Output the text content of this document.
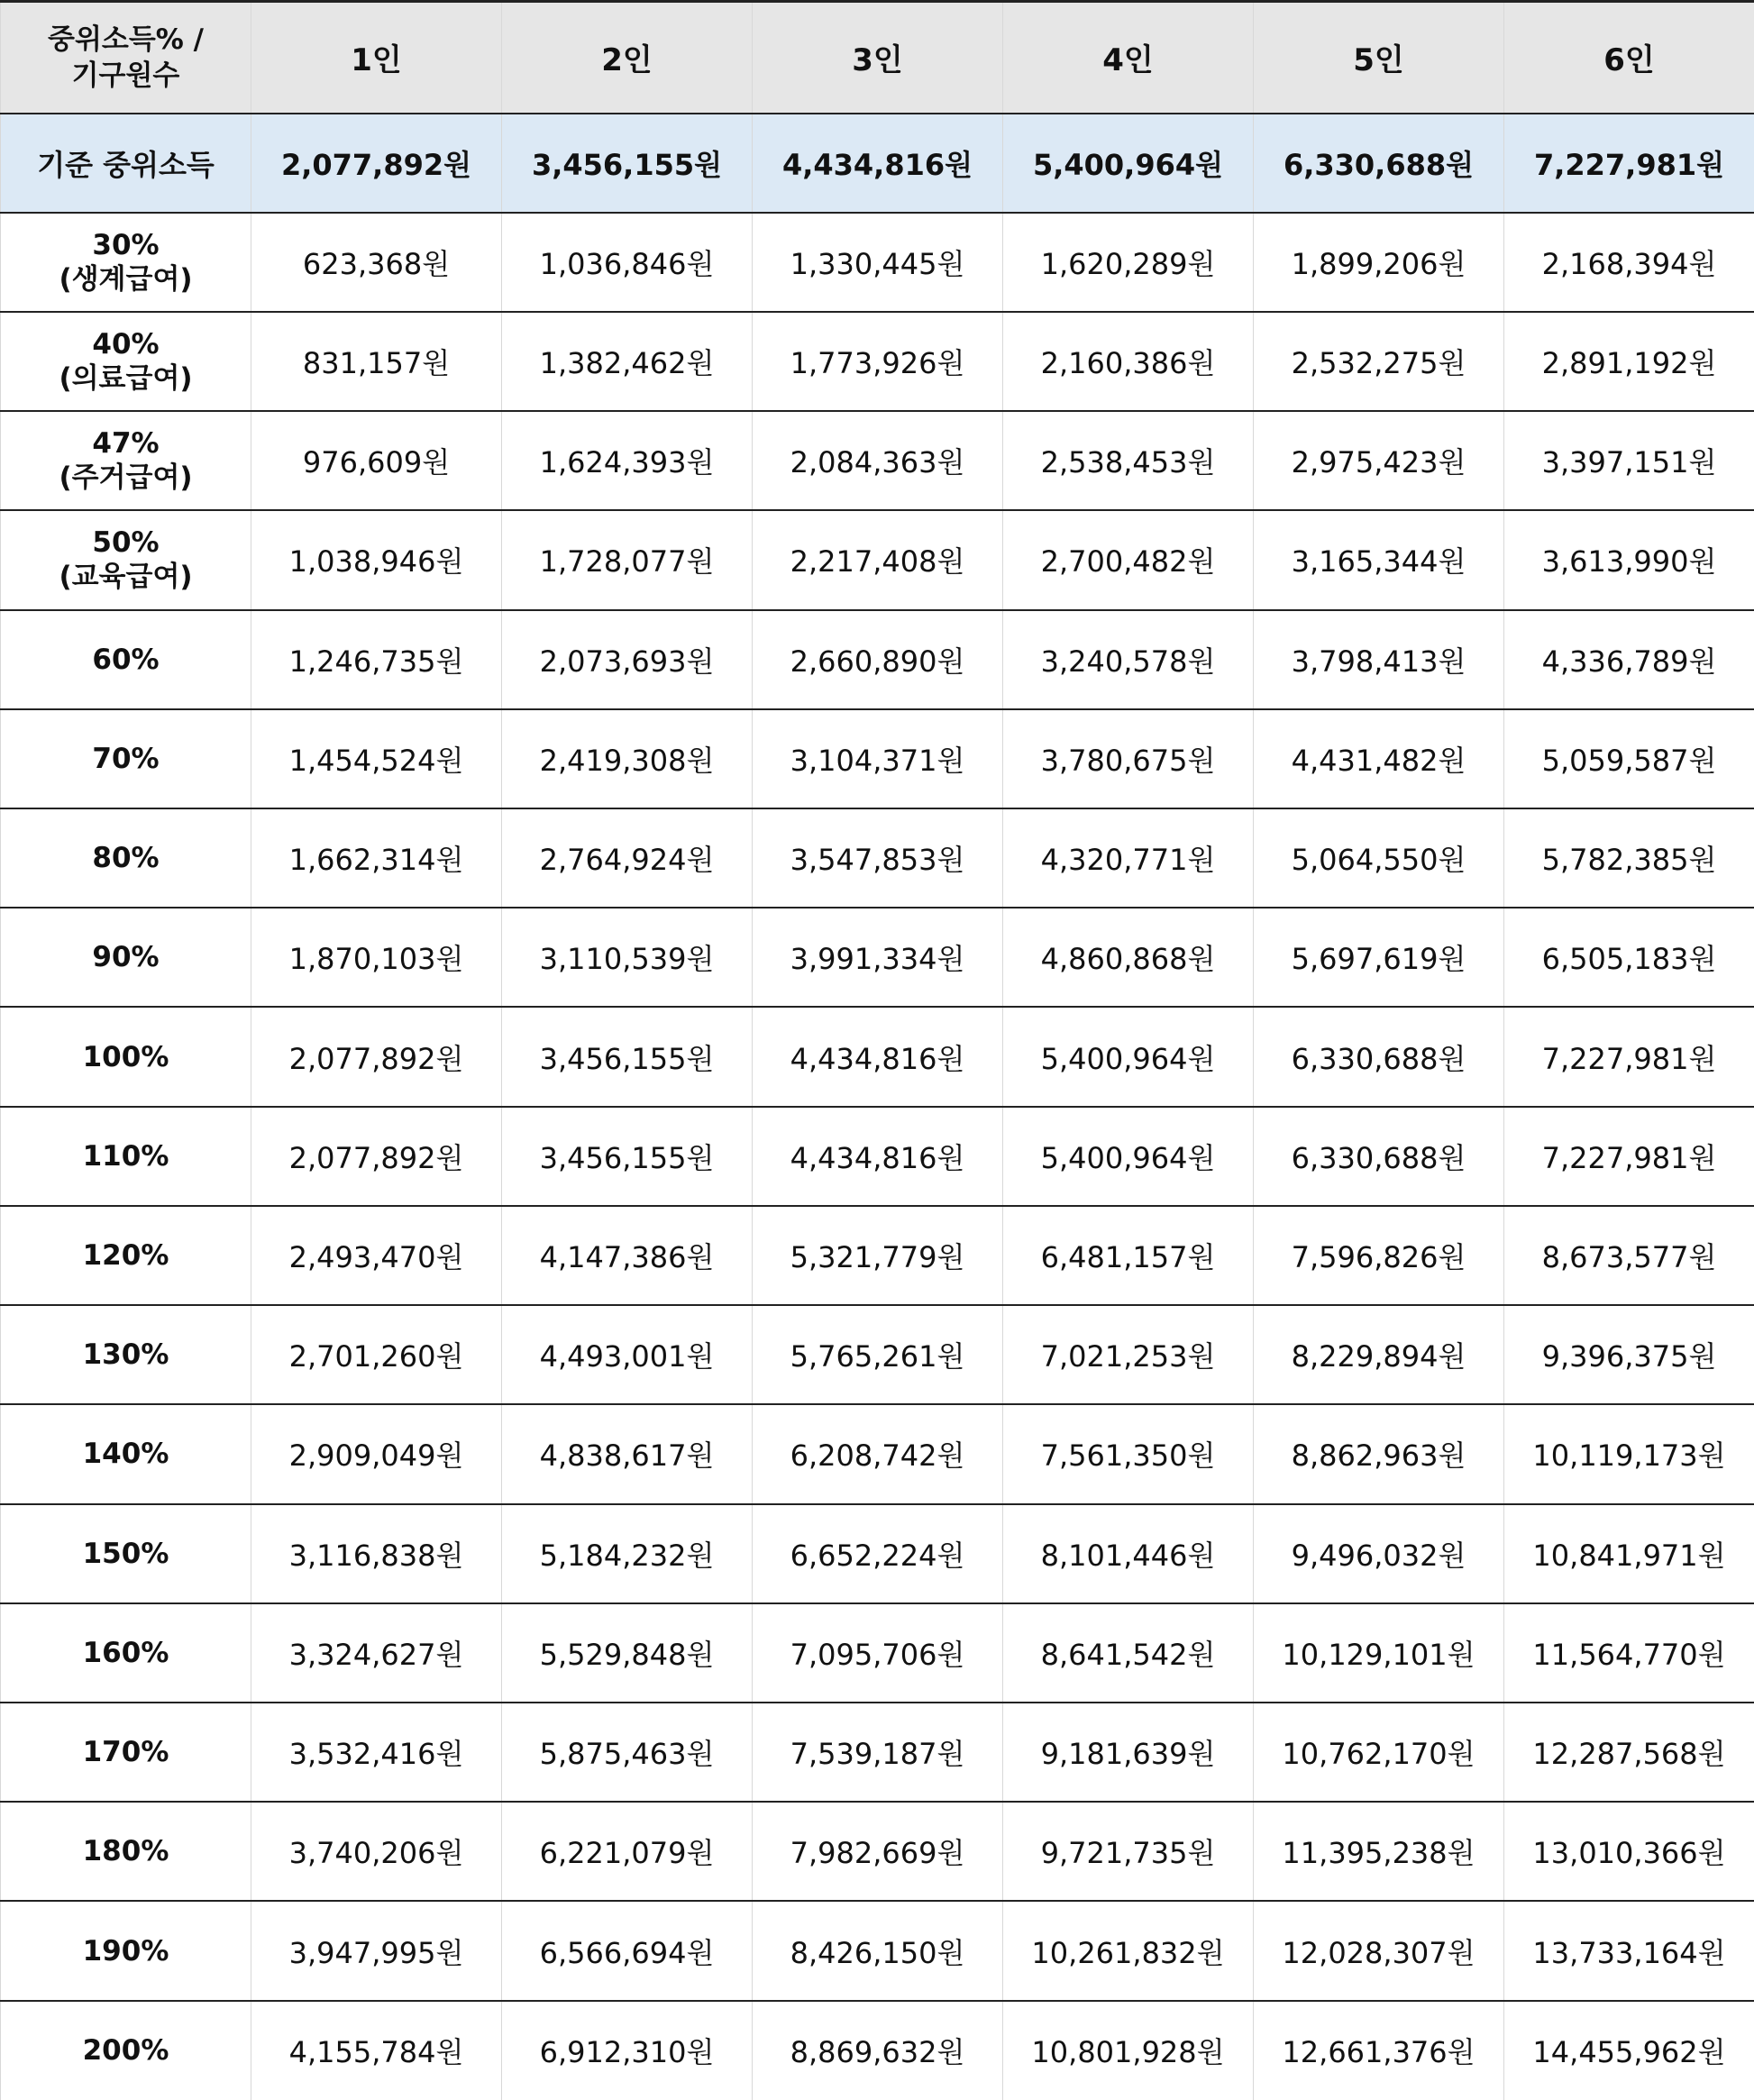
중위소득% /
기구원수	1인	2인	3인	4인	5인	6인
기준 중위소득	2,077,892원	3,456,155원	4,434,816원	5,400,964원	6,330,688원	7,227,981원

30%
(생계급여)	623,368원	1,036,846원	1,330,445원	1,620,289원	1,899,206원	2,168,394원

40%
(의료급여)	831,157원	1,382,462원	1,773,926원	2,160,386원	2,532,275원	2,891,192원

47%
(주거급여)	976,609원	1,624,393원	2,084,363원	2,538,453원	2,975,423원	3,397,151원

50%
(교육급여)	1,038,946원	1,728,077원	2,217,408원	2,700,482원	3,165,344원	3,613,990원

60%	1,246,735원	2,073,693원	2,660,890원	3,240,578원	3,798,413원	4,336,789원

70%	1,454,524원	2,419,308원	3,104,371원	3,780,675원	4,431,482원	5,059,587원

80%	1,662,314원	2,764,924원	3,547,853원	4,320,771원	5,064,550원	5,782,385원

90%	1,870,103원	3,110,539원	3,991,334원	4,860,868원	5,697,619원	6,505,183원

100%	2,077,892원	3,456,155원	4,434,816원	5,400,964원	6,330,688원	7,227,981원

110%	2,077,892원	3,456,155원	4,434,816원	5,400,964원	6,330,688원	7,227,981원

120%	2,493,470원	4,147,386원	5,321,779원	6,481,157원	7,596,826원	8,673,577원

130%	2,701,260원	4,493,001원	5,765,261원	7,021,253원	8,229,894원	9,396,375원

140%	2,909,049원	4,838,617원	6,208,742원	7,561,350원	8,862,963원	10,119,173원

150%	3,116,838원	5,184,232원	6,652,224원	8,101,446원	9,496,032원	10,841,971원

160%	3,324,627원	5,529,848원	7,095,706원	8,641,542원	10,129,101원	11,564,770원

170%	3,532,416원	5,875,463원	7,539,187원	9,181,639원	10,762,170원	12,287,568원

180%	3,740,206원	6,221,079원	7,982,669원	9,721,735원	11,395,238원	13,010,366원

190%	3,947,995원	6,566,694원	8,426,150원	10,261,832원	12,028,307원	13,733,164원

200%	4,155,784원	6,912,310원	8,869,632원	10,801,928원	12,661,376원	14,455,962원
